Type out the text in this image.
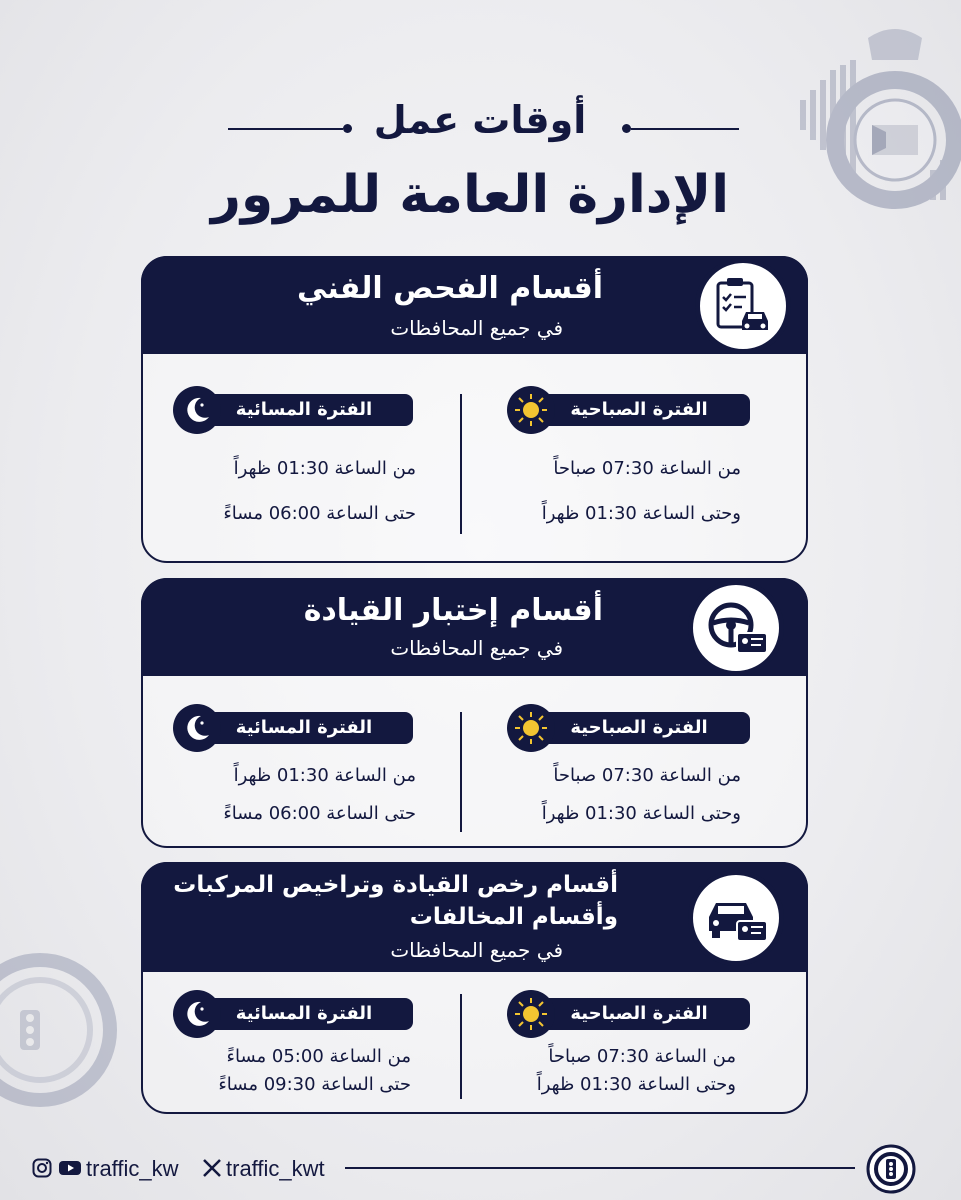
أوقات عمل
الإدارة العامة للمرور
أقسام الفحص الفني
في جميع المحافظات
الفترة الصباحية
من الساعة 07:30 صباحاً
وحتى الساعة 01:30 ظهراً
الفترة المسائية
من الساعة 01:30 ظهراً
حتى الساعة 06:00 مساءً
أقسام إختبار القيادة
في جميع المحافظات
الفترة الصباحية
من الساعة 07:30 صباحاً
وحتى الساعة 01:30 ظهراً
الفترة المسائية
من الساعة 01:30 ظهراً
حتى الساعة 06:00 مساءً
أقسام رخص القيادة وتراخيص المركبات
وأقسام المخالفات
في جميع المحافظات
الفترة الصباحية
من الساعة 07:30 صباحاً
وحتى الساعة 01:30 ظهراً
الفترة المسائية
من الساعة 05:00 مساءً
حتى الساعة 09:30 مساءً
traffic_kw traffic_kwt
